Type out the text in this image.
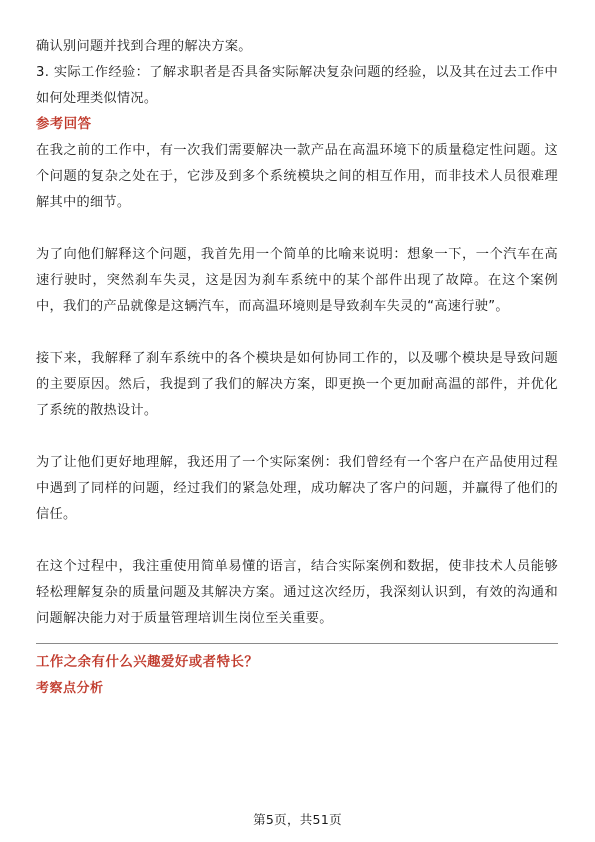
确认别问题并找到合理的解决方案。

3. 实际工作经验：了解求职者是否具备实际解决复杂问题的经验，以及其在过去工作中如何处理类似情况。

参考回答

在我之前的工作中，有一次我们需要解决一款产品在高温环境下的质量稳定性问题。这个问题的复杂之处在于，它涉及到多个系统模块之间的相互作用，而非技术人员很难理解其中的细节。

为了向他们解释这个问题，我首先用一个简单的比喻来说明：想象一下，一个汽车在高速行驶时，突然刹车失灵，这是因为刹车系统中的某个部件出现了故障。在这个案例中，我们的产品就像是这辆汽车，而高温环境则是导致刹车失灵的“高速行驶”。

接下来，我解释了刹车系统中的各个模块是如何协同工作的，以及哪个模块是导致问题的主要原因。然后，我提到了我们的解决方案，即更换一个更加耐高温的部件，并优化了系统的散热设计。

为了让他们更好地理解，我还用了一个实际案例：我们曾经有一个客户在产品使用过程中遇到了同样的问题，经过我们的紧急处理，成功解决了客户的问题，并赢得了他们的信任。

在这个过程中，我注重使用简单易懂的语言，结合实际案例和数据，使非技术人员能够轻松理解复杂的质量问题及其解决方案。通过这次经历，我深刻认识到，有效的沟通和问题解决能力对于质量管理培训生岗位至关重要。

工作之余有什么兴趣爱好或者特长？

考察点分析

第5页，共51页
